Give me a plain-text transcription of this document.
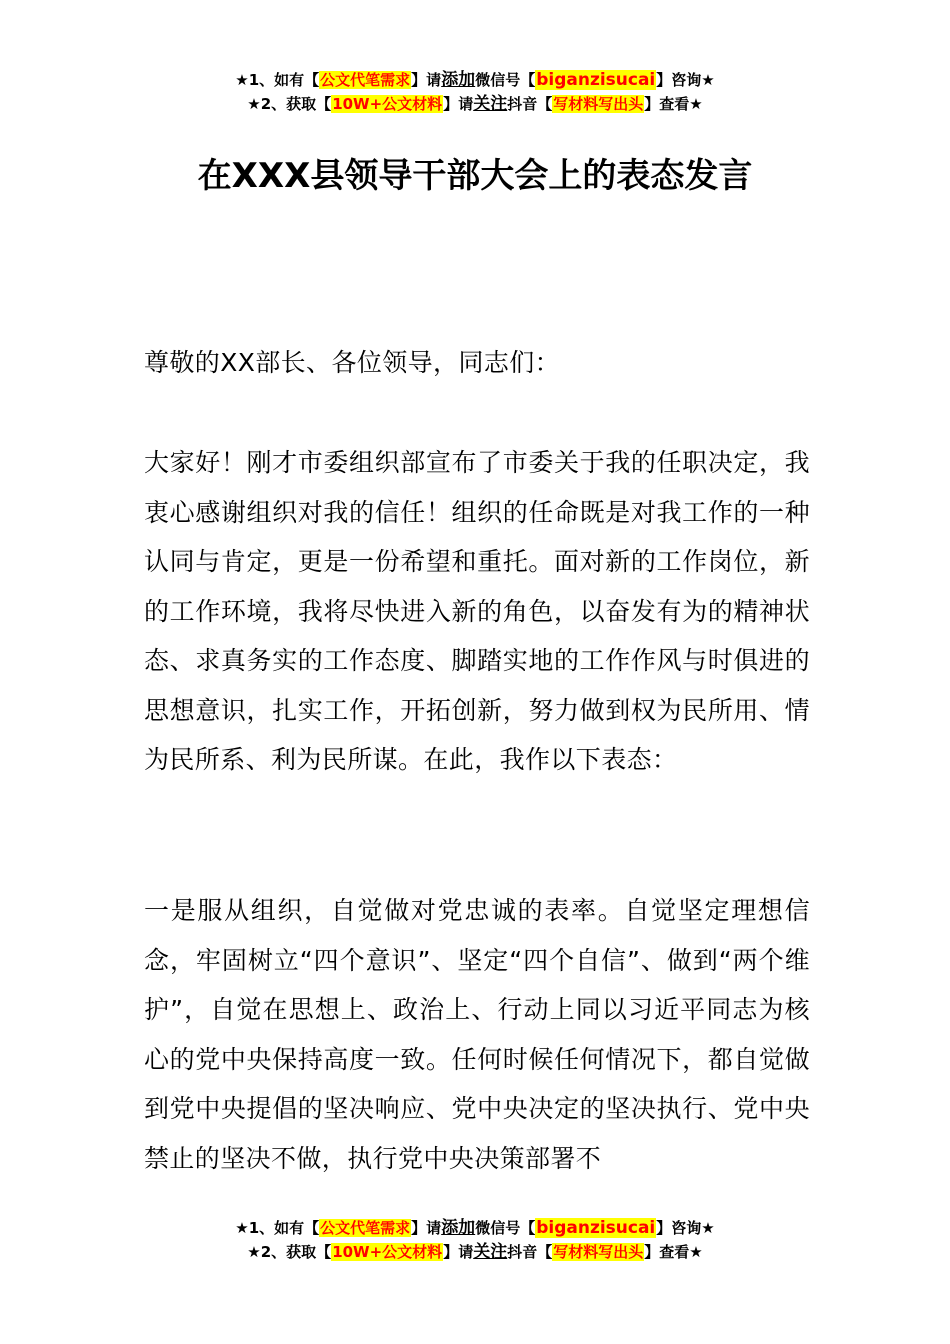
★1、如有【公文代笔需求】请添加微信号【biganzisucai】咨询★
★2、获取【10W+公文材料】请关注抖音【写材料写出头】查看★
在XXX县领导干部大会上的表态发言

尊敬的XX部长、各位领导，同志们：

大家好！刚才市委组织部宣布了市委关于我的任职决定，我衷心感谢组织对我的信任！组织的任命既是对我工作的一种认同与肯定，更是一份希望和重托。面对新的工作岗位，新的工作环境，我将尽快进入新的角色，以奋发有为的精神状态、求真务实的工作态度、脚踏实地的工作作风与时俱进的思想意识，扎实工作，开拓创新，努力做到权为民所用、情为民所系、利为民所谋。在此，我作以下表态：

一是服从组织，自觉做对党忠诚的表率。自觉坚定理想信念，牢固树立“四个意识”、坚定“四个自信”、做到“两个维护”，自觉在思想上、政治上、行动上同以习近平同志为核心的党中央保持高度一致。任何时候任何情况下，都自觉做到党中央提倡的坚决响应、党中央决定的坚决执行、党中央禁止的坚决不做，执行党中央决策部署不

★1、如有【公文代笔需求】请添加微信号【biganzisucai】咨询★
★2、获取【10W+公文材料】请关注抖音【写材料写出头】查看★
